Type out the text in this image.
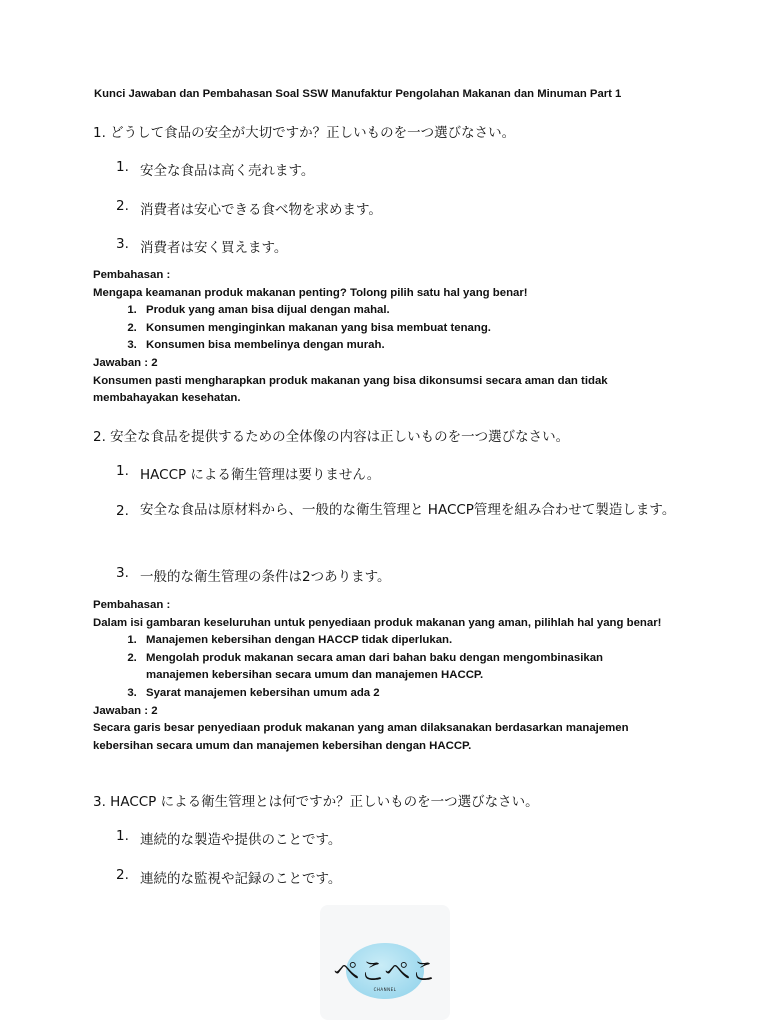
Kunci Jawaban dan Pembahasan Soal SSW Manufaktur Pengolahan Makanan dan Minuman Part 1
1. どうして食品の安全が大切ですか？正しいものを一つ選びなさい。
1. 安全な食品は高く売れます。
2. 消費者は安心できる食べ物を求めます。
3. 消費者は安く買えます。

Pembahasan :

Mengapa keamanan produk makanan penting? Tolong pilih satu hal yang benar!

1. Produk yang aman bisa dijual dengan mahal.
2. Konsumen menginginkan makanan yang bisa membuat tenang.
3. Konsumen bisa membelinya dengan murah.

Jawaban : 2

Konsumen pasti mengharapkan produk makanan yang bisa dikonsumsi secara aman dan tidak membahayakan kesehatan.

2. 安全な食品を提供するための全体像の内容は正しいものを一つ選びなさい。
1. HACCP による衛生管理は要りません。
2. 安全な食品は原材料から、一般的な衛生管理と HACCP管理を組み合わせて製造します。
3. 一般的な衛生管理の条件は2つあります。

Pembahasan :

Dalam isi gambaran keseluruhan untuk penyediaan produk makanan yang aman, pilihlah hal yang benar!

1. Manajemen kebersihan dengan HACCP tidak diperlukan.
2. Mengolah produk makanan secara aman dari bahan baku dengan mengombinasikan manajemen kebersihan secara umum dan manajemen HACCP.
3. Syarat manajemen kebersihan umum ada 2

Jawaban : 2

Secara garis besar penyediaan produk makanan yang aman dilaksanakan berdasarkan manajemen kebersihan secara umum dan manajemen kebersihan dengan HACCP.

3. HACCP による衛生管理とは何ですか？正しいものを一つ選びなさい。
1. 連続的な製造や提供のことです。
2. 連続的な監視や記録のことです。
ぺこぺこ
CHANNEL
